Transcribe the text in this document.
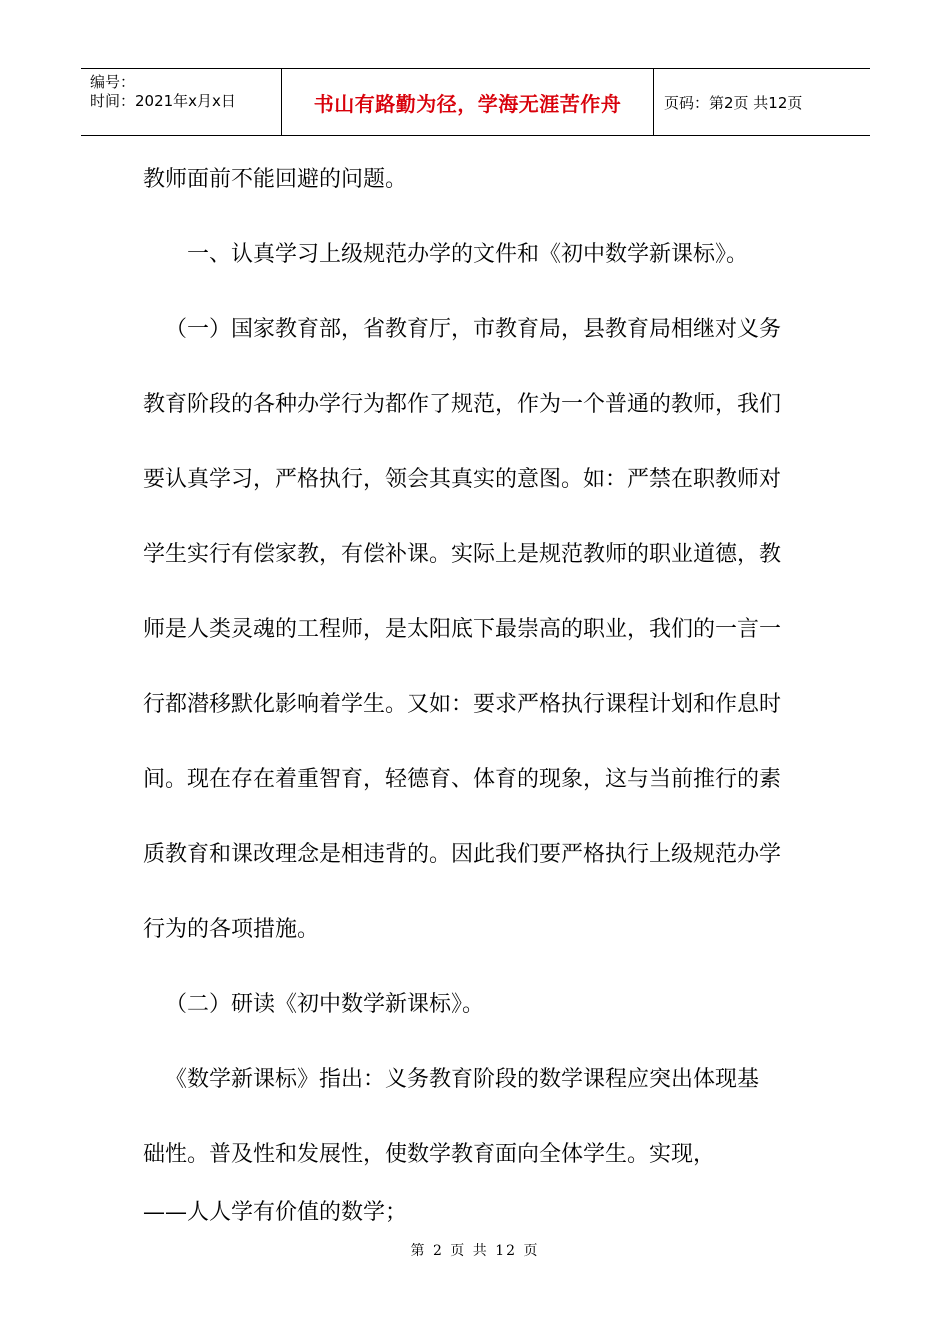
编号：
时间：2021年x月x日	书山有路勤为径，学海无涯苦作舟	页码：第2页 共12页
教师面前不能回避的问题。
一、认真学习上级规范办学的文件和《初中数学新课标》。
（一）国家教育部，省教育厅，市教育局，县教育局相继对义务
教育阶段的各种办学行为都作了规范，作为一个普通的教师，我们
要认真学习，严格执行，领会其真实的意图。如：严禁在职教师对
学生实行有偿家教，有偿补课。实际上是规范教师的职业道德，教
师是人类灵魂的工程师，是太阳底下最崇高的职业，我们的一言一
行都潜移默化影响着学生。又如：要求严格执行课程计划和作息时
间。现在存在着重智育，轻德育、体育的现象，这与当前推行的素
质教育和课改理念是相违背的。因此我们要严格执行上级规范办学
行为的各项措施。
（二）研读《初中数学新课标》。
《数学新课标》指出：义务教育阶段的数学课程应突出体现基
础性。普及性和发展性，使数学教育面向全体学生。实现，
——人人学有价值的数学；
第 2 页 共 12 页
